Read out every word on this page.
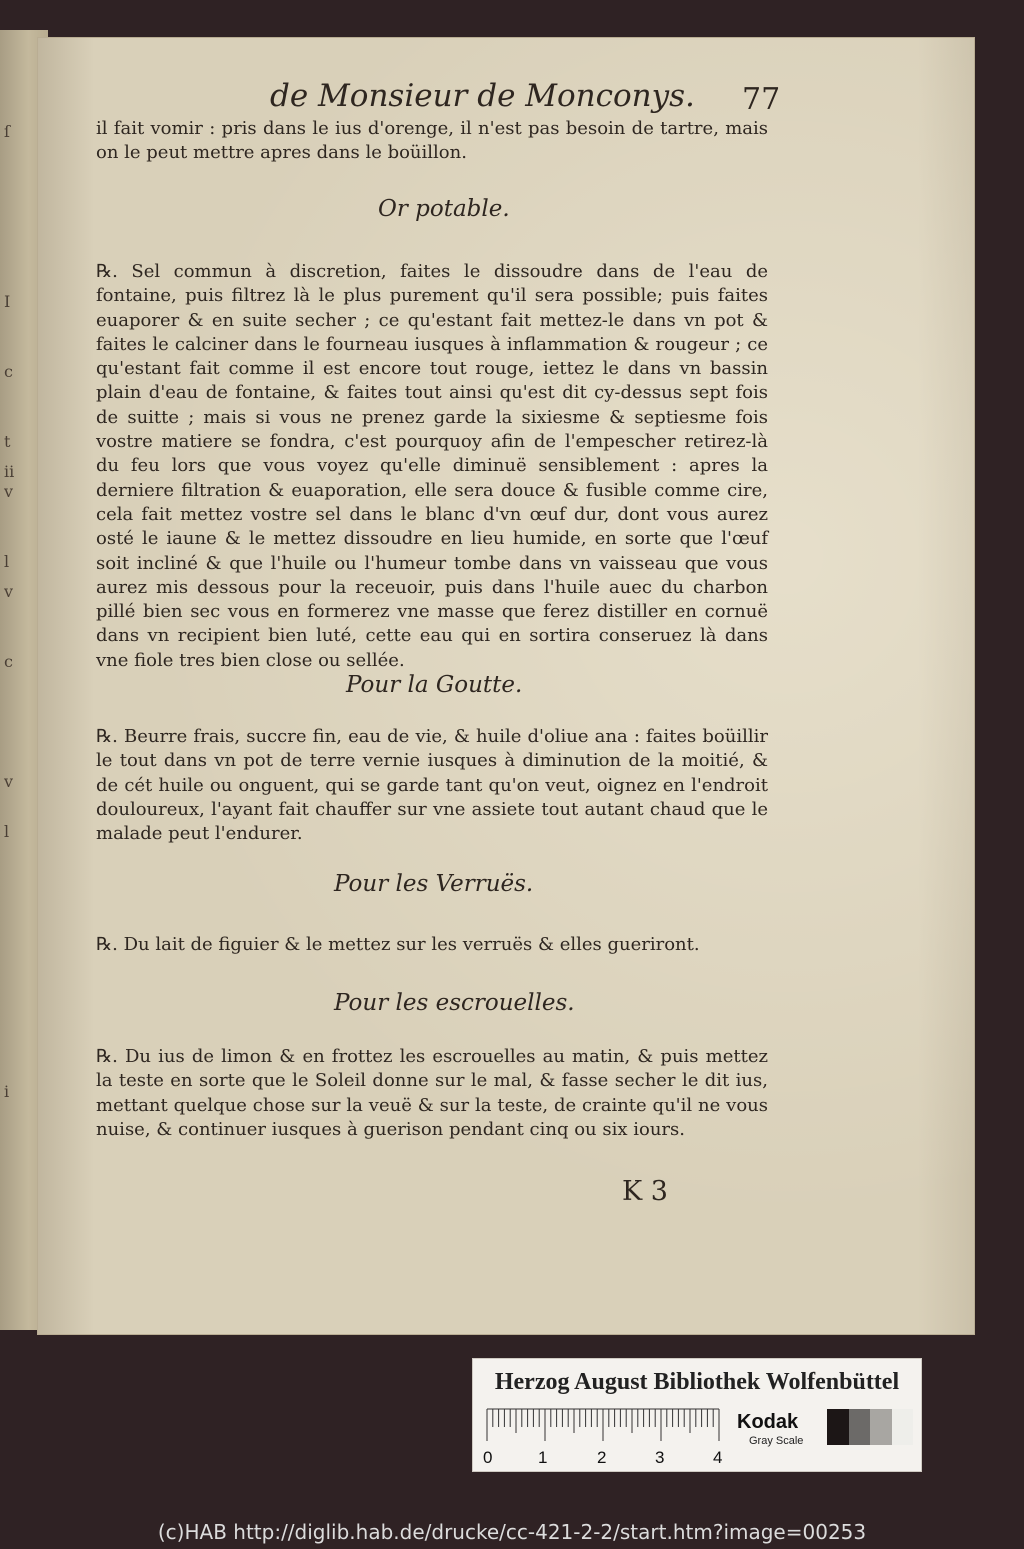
ſ
I
c
t
ii
v
l
v
c
v
l
i
de Monsieur de Monconys. 77
il fait vomir : pris dans le ius d'orenge, il n'est pas besoin de tartre, mais on le peut mettre apres dans le boüillon.
Or potable.
℞. Sel commun à discretion, faites le dissoudre dans de l'eau de fontaine, puis filtrez là le plus purement qu'il sera possible; puis faites euaporer & en suite secher ; ce qu'estant fait mettez-le dans vn pot & faites le calciner dans le fourneau iusques à inflammation & rougeur ; ce qu'estant fait comme il est encore tout rouge, iettez le dans vn bassin plain d'eau de fontaine, & faites tout ainsi qu'est dit cy-dessus sept fois de suitte ; mais si vous ne prenez garde la sixiesme & septiesme fois vostre matiere se fondra, c'est pourquoy afin de l'empescher retirez-là du feu lors que vous voyez qu'elle diminuë sensiblement : apres la derniere filtration & euaporation, elle sera douce & fusible comme cire, cela fait mettez vostre sel dans le blanc d'vn œuf dur, dont vous aurez osté le iaune & le mettez dissoudre en lieu humide, en sorte que l'œuf soit incliné & que l'huile ou l'humeur tombe dans vn vaisseau que vous aurez mis dessous pour la receuoir, puis dans l'huile auec du charbon pillé bien sec vous en formerez vne masse que ferez distiller en cornuë dans vn recipient bien luté, cette eau qui en sortira conseruez là dans vne fiole tres bien close ou sellée.
Pour la Goutte.
℞. Beurre frais, succre fin, eau de vie, & huile d'oliue ana : faites boüillir le tout dans vn pot de terre vernie iusques à diminution de la moitié, & de cét huile ou onguent, qui se garde tant qu'on veut, oignez en l'endroit douloureux, l'ayant fait chauffer sur vne assiete tout autant chaud que le malade peut l'endurer.
Pour les Verruës.
℞. Du lait de figuier & le mettez sur les verruës & elles gueriront.
Pour les escrouelles.
℞. Du ius de limon & en frottez les escrouelles au matin, & puis mettez la teste en sorte que le Soleil donne sur le mal, & fasse secher le dit ius, mettant quelque chose sur la veuë & sur la teste, de crainte qu'il ne vous nuise, & continuer iusques à guerison pendant cinq ou six iours.
K 3
Herzog August Bibliothek Wolfenbüttel
0	1	2	3	4
Kodak
Gray Scale
(c)HAB http://diglib.hab.de/drucke/cc-421-2-2/start.htm?image=00253
